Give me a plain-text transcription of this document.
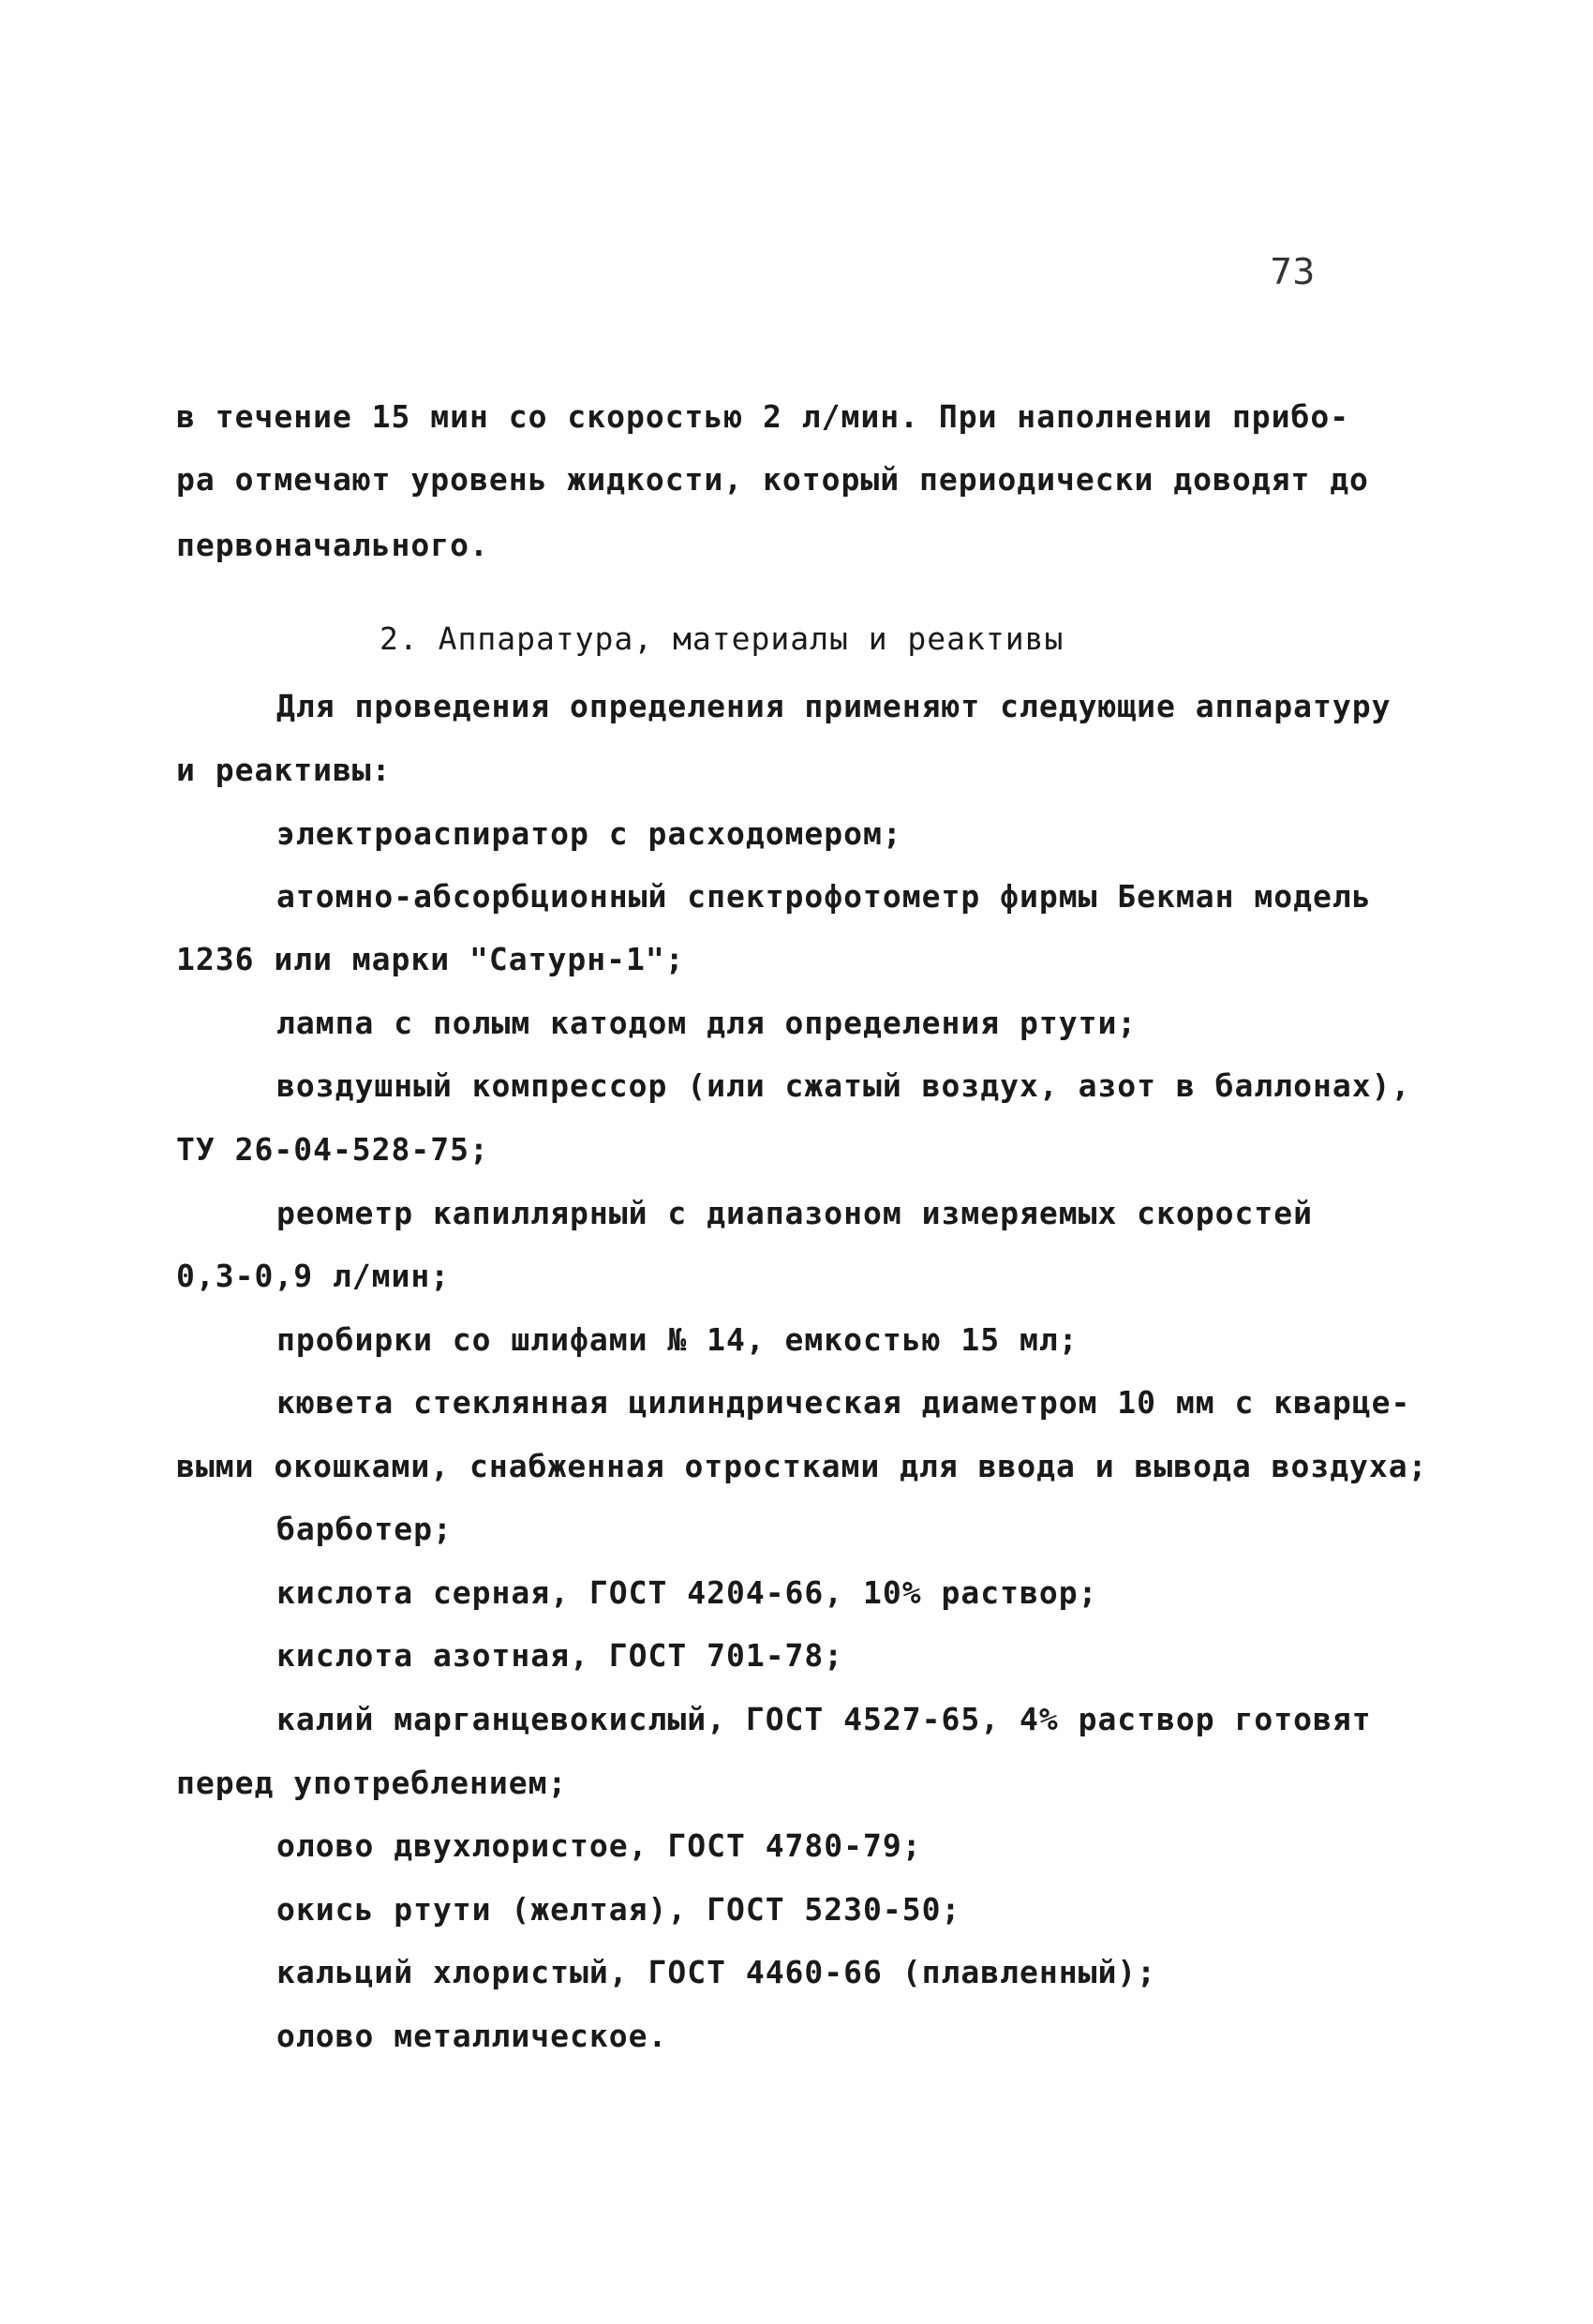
73
в течение 15 мин со скоростью 2 л/мин. При наполнении прибо-
ра отмечают уровень жидкости, который периодически доводят до
первоначального.
2. Аппаратура, материалы и реактивы
Для проведения определения применяют следующие аппаратуру
и реактивы:
электроаспиратор с расходомером;
атомно-абсорбционный спектрофотометр фирмы Бекман модель
1236 или марки "Сатурн-1";
лампа с полым катодом для определения ртути;
воздушный компрессор (или сжатый воздух, азот в баллонах),
ТУ 26-04-528-75;
реометр капиллярный с диапазоном измеряемых скоростей
0,3-0,9 л/мин;
пробирки со шлифами № 14, емкостью 15 мл;
кювета стеклянная цилиндрическая диаметром 10 мм с кварце-
выми окошками, снабженная отростками для ввода и вывода воздуха;
барботер;
кислота серная, ГОСТ 4204-66, 10% раствор;
кислота азотная, ГОСТ 701-78;
калий марганцевокислый, ГОСТ 4527-65, 4% раствор готовят
перед употреблением;
олово двухлористое, ГОСТ 4780-79;
окись ртути (желтая), ГОСТ 5230-50;
кальций хлористый, ГОСТ 4460-66 (плавленный);
олово металлическое.
